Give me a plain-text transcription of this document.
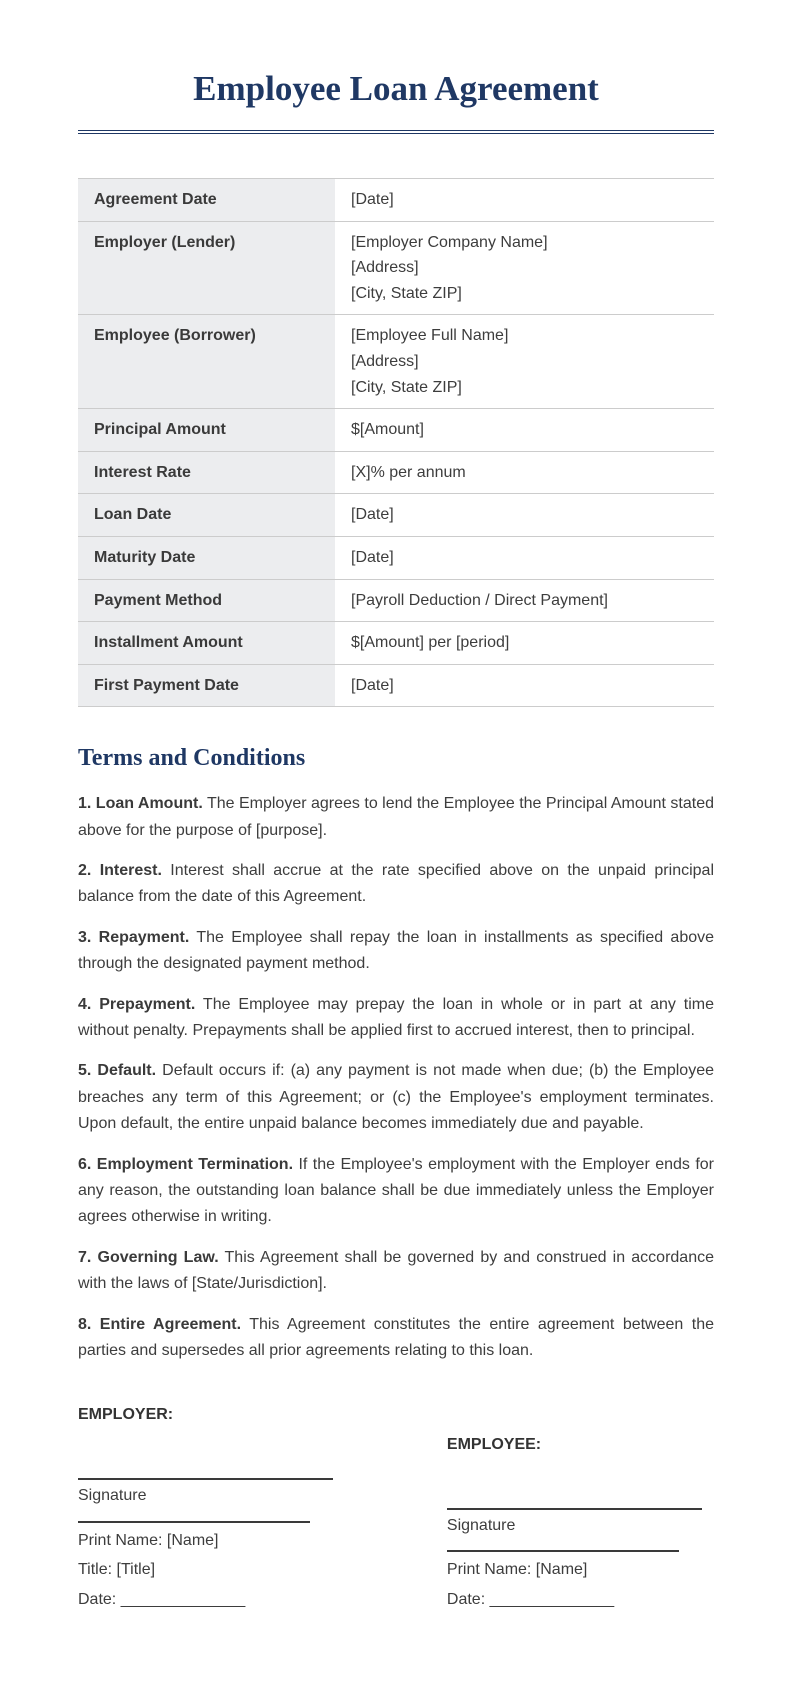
Employee Loan Agreement
Agreement Date	[Date]
Employer (Lender)	[Employer Company Name]
[Address]
[City, State ZIP]
Employee (Borrower)	[Employee Full Name]
[Address]
[City, State ZIP]
Principal Amount	$[Amount]
Interest Rate	[X]% per annum
Loan Date	[Date]
Maturity Date	[Date]
Payment Method	[Payroll Deduction / Direct Payment]
Installment Amount	$[Amount] per [period]
First Payment Date	[Date]
Terms and Conditions

1. Loan Amount. The Employer agrees to lend the Employee the Principal Amount stated above for the purpose of [purpose].

2. Interest. Interest shall accrue at the rate specified above on the unpaid principal balance from the date of this Agreement.

3. Repayment. The Employee shall repay the loan in installments as specified above through the designated payment method.

4. Prepayment. The Employee may prepay the loan in whole or in part at any time without penalty. Prepayments shall be applied first to accrued interest, then to principal.

5. Default. Default occurs if: (a) any payment is not made when due; (b) the Employee breaches any term of this Agreement; or (c) the Employee's employment terminates. Upon default, the entire unpaid balance becomes immediately due and payable.

6. Employment Termination. If the Employee's employment with the Employer ends for any reason, the outstanding loan balance shall be due immediately unless the Employer agrees otherwise in writing.

7. Governing Law. This Agreement shall be governed by and construed in accordance with the laws of [State/Jurisdiction].

8. Entire Agreement. This Agreement constitutes the entire agreement between the parties and supersedes all prior agreements relating to this loan.

EMPLOYER:

Signature

Print Name: [Name]
Title: [Title]
Date: ______________

EMPLOYEE:

Signature

Print Name: [Name]
Date: ______________
